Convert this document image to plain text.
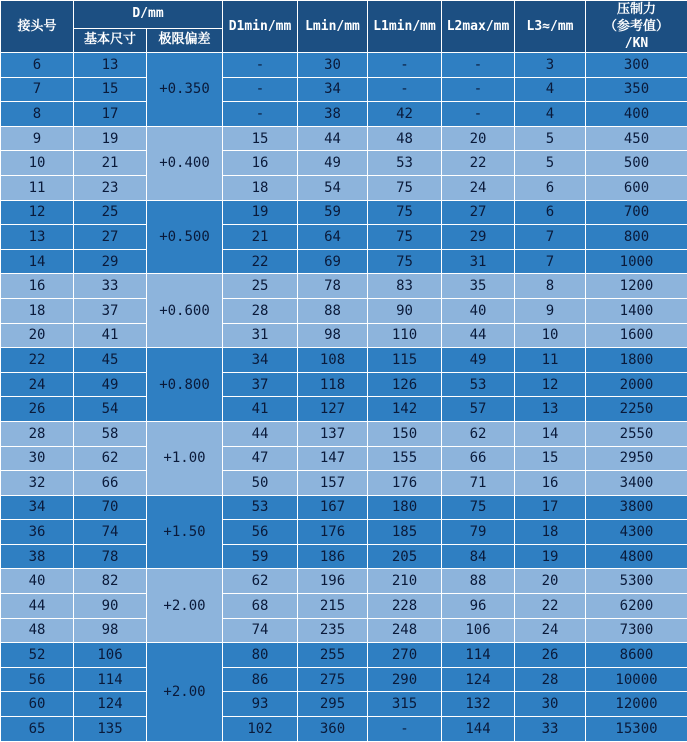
接头号	D/mm		D1min/mm	Lmin/mm	L1min/mm	L2max/mm	L3≈/mm	压制力
（参考值）
/KN
	基本尺寸	极限偏差						
6	13	+0.350	-	30	-	-	3	300
7	15		-	34	-	-	4	350
8	17		-	38	42	-	4	400
9	19	+0.400	15	44	48	20	5	450
10	21		16	49	53	22	5	500
11	23		18	54	75	24	6	600
12	25	+0.500	19	59	75	27	6	700
13	27		21	64	75	29	7	800
14	29		22	69	75	31	7	1000
16	33	+0.600	25	78	83	35	8	1200
18	37		28	88	90	40	9	1400
20	41		31	98	110	44	10	1600
22	45	+0.800	34	108	115	49	11	1800
24	49		37	118	126	53	12	2000
26	54		41	127	142	57	13	2250
28	58	+1.00	44	137	150	62	14	2550
30	62		47	147	155	66	15	2950
32	66		50	157	176	71	16	3400
34	70	+1.50	53	167	180	75	17	3800
36	74		56	176	185	79	18	4300
38	78		59	186	205	84	19	4800
40	82	+2.00	62	196	210	88	20	5300
44	90		68	215	228	96	22	6200
48	98		74	235	248	106	24	7300
52	106	+2.00	80	255	270	114	26	8600
56	114		86	275	290	124	28	10000
60	124		93	295	315	132	30	12000
65	135		102	360	-	144	33	15300
